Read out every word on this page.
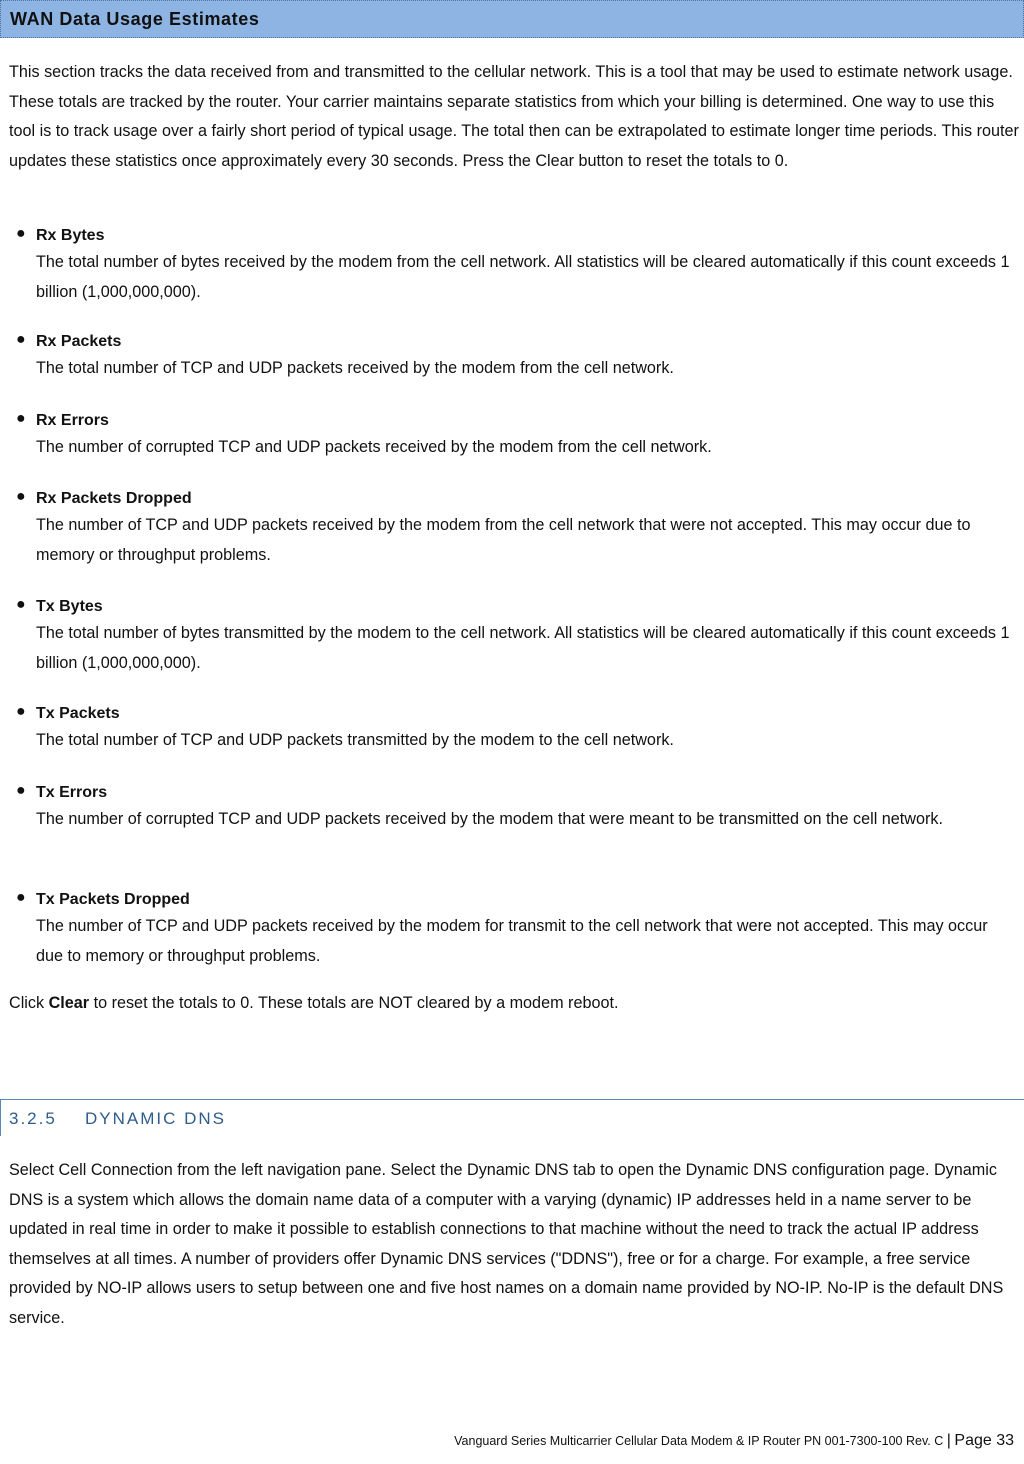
WAN Data Usage Estimates
This section tracks the data received from and transmitted to the cellular network. This is a tool that may be used to estimate network usage. These totals are tracked by the router. Your carrier maintains separate statistics from which your billing is determined. One way to use this tool is to track usage over a fairly short period of typical usage. The total then can be extrapolated to estimate longer time periods. This router updates these statistics once approximately every 30 seconds. Press the Clear button to reset the totals to 0.
● Rx Bytes
The total number of bytes received by the modem from the cell network. All statistics will be cleared automatically if this count exceeds 1 billion (1,000,000,000).
● Rx Packets
The total number of TCP and UDP packets received by the modem from the cell network.
● Rx Errors
The number of corrupted TCP and UDP packets received by the modem from the cell network.
● Rx Packets Dropped
The number of TCP and UDP packets received by the modem from the cell network that were not accepted. This may occur due to memory or throughput problems.
● Tx Bytes
The total number of bytes transmitted by the modem to the cell network. All statistics will be cleared automatically if this count exceeds 1 billion (1,000,000,000).
● Tx Packets
The total number of TCP and UDP packets transmitted by the modem to the cell network.
● Tx Errors
The number of corrupted TCP and UDP packets received by the modem that were meant to be transmitted on the cell network.
● Tx Packets Dropped
The number of TCP and UDP packets received by the modem for transmit to the cell network that were not accepted. This may occur due to memory or throughput problems.
Click Clear to reset the totals to 0. These totals are NOT cleared by a modem reboot.
3.2.5 DYNAMIC DNS
Select Cell Connection from the left navigation pane. Select the Dynamic DNS tab to open the Dynamic DNS configuration page. Dynamic DNS is a system which allows the domain name data of a computer with a varying (dynamic) IP addresses held in a name server to be updated in real time in order to make it possible to establish connections to that machine without the need to track the actual IP address themselves at all times. A number of providers offer Dynamic DNS services ("DDNS"), free or for a charge. For example, a free service provided by NO-IP allows users to setup between one and five host names on a domain name provided by NO-IP. No-IP is the default DNS service.
Vanguard Series Multicarrier Cellular Data Modem & IP Router PN 001-7300-100 Rev. C | Page 33
